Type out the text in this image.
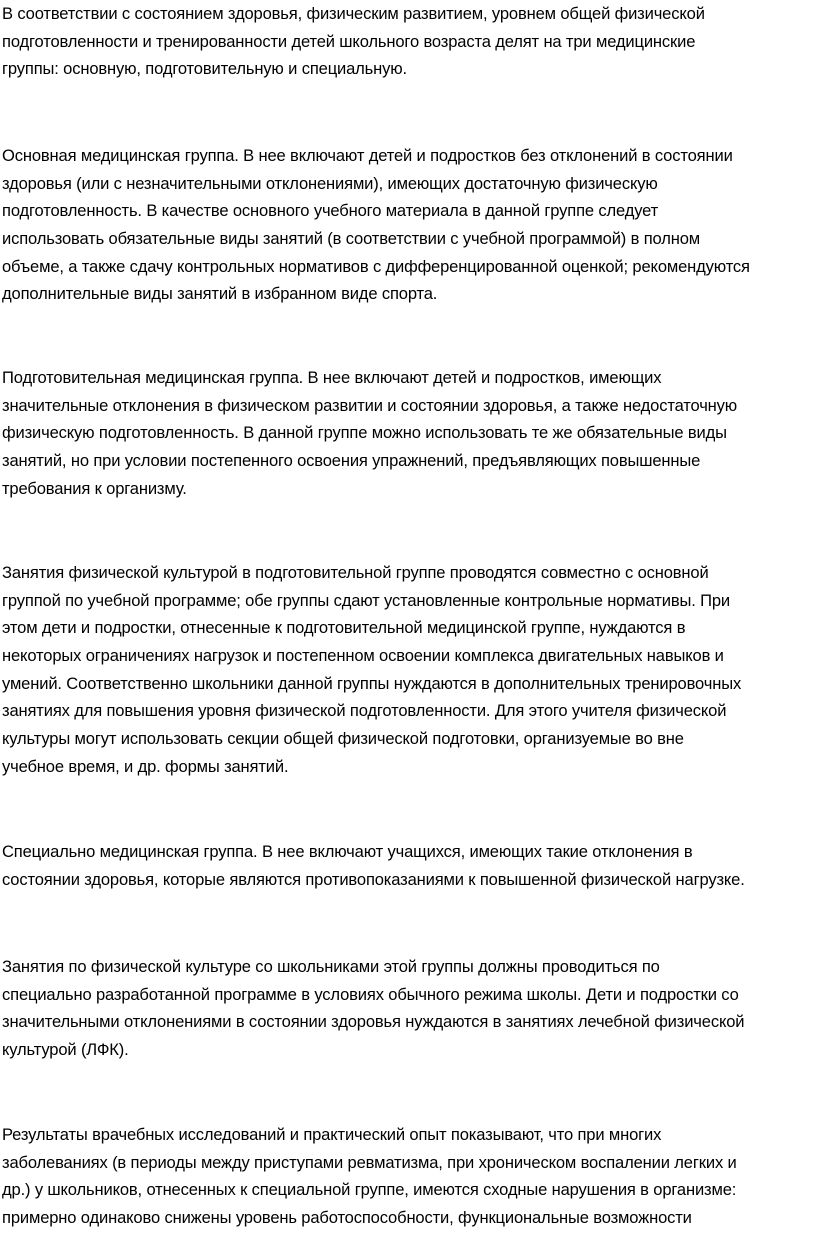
В соответствии с состоянием здоровья, физическим развитием, уровнем общей физической
подготовленности и тренированности детей школьного возраста делят на три медицинские
группы: основную, подготовительную и специальную.

Основная медицинская группа. В нее включают детей и подростков без отклонений в состоянии
здоровья (или с незначительными отклонениями), имеющих достаточную физическую
подготовленность. В качестве основного учебного материала в данной группе следует
использовать обязательные виды занятий (в соответствии с учебной программой) в полном
объеме, а также сдачу контрольных нормативов с дифференцированной оценкой; рекомендуются
дополнительные виды занятий в избранном виде спорта.

Подготовительная медицинская группа. В нее включают детей и подростков, имеющих
значительные отклонения в физическом развитии и состоянии здоровья, а также недостаточную
физическую подготовленность. В данной группе можно использовать те же обязательные виды
занятий, но при условии постепенного освоения упражнений, предъявляющих повышенные
требования к организму.

Занятия физической культурой в подготовительной группе проводятся совместно с основной
группой по учебной программе; обе группы сдают установленные контрольные нормативы. При
этом дети и подростки, отнесенные к подготовительной медицинской группе, нуждаются в
некоторых ограничениях нагрузок и постепенном освоении комплекса двигательных навыков и
умений. Соответственно школьники данной группы нуждаются в дополнительных тренировочных
занятиях для повышения уровня физической подготовленности. Для этого учителя физической
культуры могут использовать секции общей физической подготовки, организуемые во вне
учебное время, и др. формы занятий.

Специально медицинская группа. В нее включают учащихся, имеющих такие отклонения в
состоянии здоровья, которые являются противопоказаниями к повышенной физической нагрузке.

Занятия по физической культуре со школьниками этой группы должны проводиться по
специально разработанной программе в условиях обычного режима школы. Дети и подростки со
значительными отклонениями в состоянии здоровья нуждаются в занятиях лечебной физической
культурой (ЛФК).

Результаты врачебных исследований и практический опыт показывают, что при многих
заболеваниях (в периоды между приступами ревматизма, при хроническом воспалении легких и
др.) у школьников, отнесенных к специальной группе, имеются сходные нарушения в организме:
примерно одинаково снижены уровень работоспособности, функциональные возможности
